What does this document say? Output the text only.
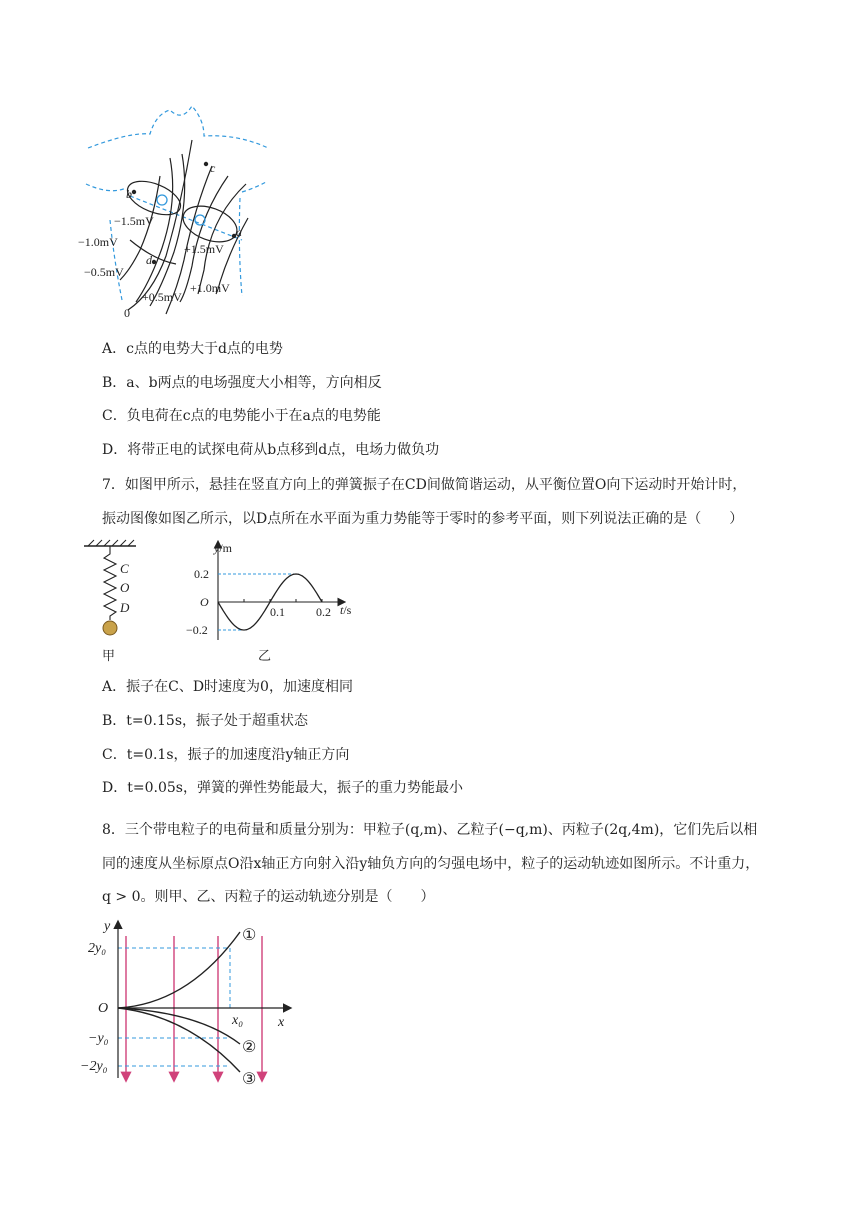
c
b
a
d
−1.5mV
−1.0mV
−0.5mV
+1.5mV
+1.0mV
+0.5mV
0
A．c点的电势大于d点的电势
B．a、b两点的电场强度大小相等，方向相反
C．负电荷在c点的电势能小于在a点的电势能
D．将带正电的试探电荷从b点移到d点，电场力做负功
7．如图甲所示，悬挂在竖直方向上的弹簧振子在CD间做简谐运动，从平衡位置O向下运动时开始计时，
振动图像如图乙所示，以D点所在水平面为重力势能等于零时的参考平面，则下列说法正确的是（　　）
C
O
D
甲
y/m
O
0.2
−0.2
0.1	0.2 t/s
乙
A．振子在C、D时速度为0，加速度相同
B．t=0.15s，振子处于超重状态
C．t=0.1s，振子的加速度沿y轴正方向
D．t=0.05s，弹簧的弹性势能最大，振子的重力势能最小
8．三个带电粒子的电荷量和质量分别为：甲粒子(q,m)、乙粒子(−q,m)、丙粒子(2q,4m)，它们先后以相
同的速度从坐标原点O沿x轴正方向射入沿y轴负方向的匀强电场中，粒子的运动轨迹如图所示。不计重力，
q > 0。则甲、乙、丙粒子的运动轨迹分别是（　　）
y
x
O
x₀
2y₀
−y₀
−2y₀
①
②
③
